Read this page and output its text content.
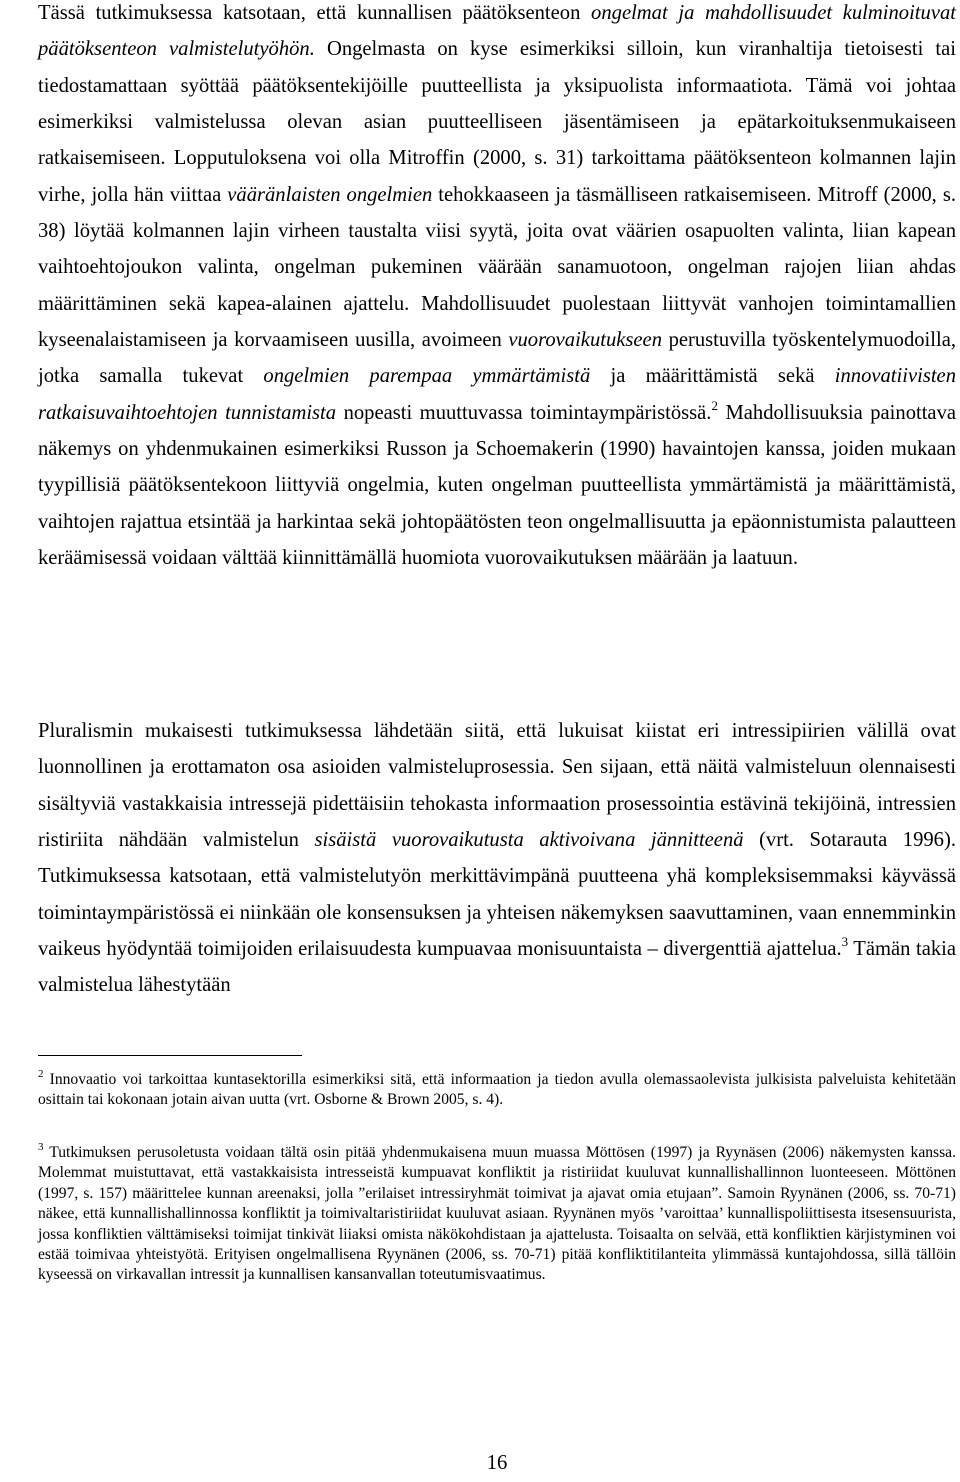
Tässä tutkimuksessa katsotaan, että kunnallisen päätöksenteon ongelmat ja mahdollisuudet kulminoituvat päätöksenteon valmistelutyöhön. Ongelmasta on kyse esimerkiksi silloin, kun viranhaltija tietoisesti tai tiedostamattaan syöttää päätöksentekijöille puutteellista ja yksipuolista informaatiota. Tämä voi johtaa esimerkiksi valmistelussa olevan asian puutteelliseen jäsentämiseen ja epätarkoituksenmukaiseen ratkaisemiseen. Lopputuloksena voi olla Mitroffin (2000, s. 31) tarkoittama päätöksenteon kolmannen lajin virhe, jolla hän viittaa vääränlaisten ongelmien tehokkaaseen ja täsmälliseen ratkaisemiseen. Mitroff (2000, s. 38) löytää kolmannen lajin virheen taustalta viisi syytä, joita ovat väärien osapuolten valinta, liian kapean vaihtoehtojoukon valinta, ongelman pukeminen väärään sanamuotoon, ongelman rajojen liian ahdas määrittäminen sekä kapea-alainen ajattelu. Mahdollisuudet puolestaan liittyvät vanhojen toimintamallien kyseenalaistamiseen ja korvaamiseen uusilla, avoimeen vuorovaikutukseen perustuvilla työskentelymuodoilla, jotka samalla tukevat ongelmien parempaa ymmärtämistä ja määrittämistä sekä innovatiivisten ratkaisuvaihtoehtojen tunnistamista nopeasti muuttuvassa toimintaympäristössä.$^2$ Mahdollisuuksia painottava näkemys on yhdenmukainen esimerkiksi Russon ja Schoemakerin (1990) havaintojen kanssa, joiden mukaan tyypillisiä päätöksentekoon liittyviä ongelmia, kuten ongelman puutteellista ymmärtämistä ja määrittämistä, vaihtojen rajattua etsintää ja harkintaa sekä johtopäätösten teon ongelmallisuutta ja epäonnistumista palautteen keräämisessä voidaan välttää kiinnittämällä huomiota vuorovaikutuksen määrään ja laatuun.

Pluralismin mukaisesti tutkimuksessa lähdetään siitä, että lukuisat kiistat eri intressipiirien välillä ovat luonnollinen ja erottamaton osa asioiden valmisteluprosessia. Sen sijaan, että näitä valmisteluun olennaisesti sisältyviä vastakkaisia intressejä pidettäisiin tehokasta informaation prosessointia estävinä tekijöinä, intressien ristiriita nähdään valmistelun sisäistä vuorovaikutusta aktivoivana jännitteenä (vrt. Sotarauta 1996). Tutkimuksessa katsotaan, että valmistelutyön merkittävimpänä puutteena yhä kompleksisemmaksi käyvässä toimintaympäristössä ei niinkään ole konsensuksen ja yhteisen näkemyksen saavuttaminen, vaan ennemminkin vaikeus hyödyntää toimijoiden erilaisuudesta kumpuavaa monisuuntaista – divergenttiä ajattelua.$^3$ Tämän takia valmistelua lähestytään

$^2$ Innovaatio voi tarkoittaa kuntasektorilla esimerkiksi sitä, että informaation ja tiedon avulla olemassaolevista julkisista palveluista kehitetään osittain tai kokonaan jotain aivan uutta (vrt. Osborne & Brown 2005, s. 4).

$^3$ Tutkimuksen perusoletusta voidaan tältä osin pitää yhdenmukaisena muun muassa Möttösen (1997) ja Ryynäsen (2006) näkemysten kanssa. Molemmat muistuttavat, että vastakkaisista intresseistä kumpuavat konfliktit ja ristiriidat kuuluvat kunnallishallinnon luonteeseen. Möttönen (1997, s. 157) määrittelee kunnan areenaksi, jolla ”erilaiset intressiryhmät toimivat ja ajavat omia etujaan”. Samoin Ryynänen (2006, ss. 70-71) näkee, että kunnallishallinnossa konfliktit ja toimivaltaristiriidat kuuluvat asiaan. Ryynänen myös ’varoittaa’ kunnallispoliittisesta itsesensuurista, jossa konfliktien välttämiseksi toimijat tinkivät liiaksi omista näkökohdistaan ja ajattelusta. Toisaalta on selvää, että konfliktien kärjistyminen voi estää toimivaa yhteistyötä. Erityisen ongelmallisena Ryynänen (2006, ss. 70-71) pitää konfliktitilanteita ylimmässä kuntajohdossa, sillä tällöin kyseessä on virkavallan intressit ja kunnallisen kansanvallan toteutumisvaatimus.

16
